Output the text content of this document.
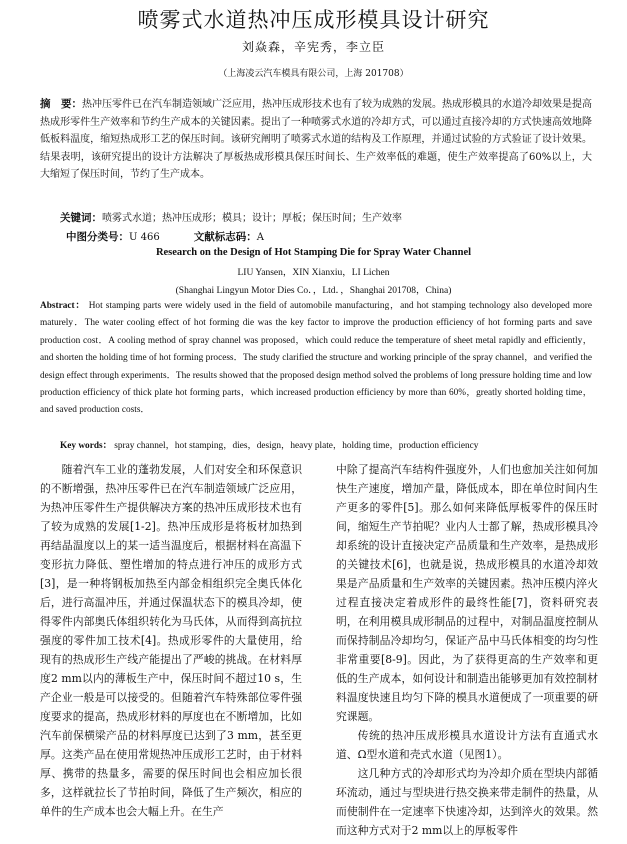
喷雾式水道热冲压成形模具设计研究
刘焱森，辛宪秀，李立臣
（上海凌云汽车模具有限公司，上海 201708）
摘　要：热冲压零件已在汽车制造领域广泛应用，热冲压成形技术也有了较为成熟的发展。热成形模具的水道冷却效果是提高热成形零件生产效率和节约生产成本的关键因素。提出了一种喷雾式水道的冷却方式，可以通过直接冷却的方式快速高效地降低板料温度，缩短热成形工艺的保压时间。该研究阐明了喷雾式水道的结构及工作原理，并通过试验的方式验证了设计效果。结果表明，该研究提出的设计方法解决了厚板热成形模具保压时间长、生产效率低的难题，使生产效率提高了60%以上，大大缩短了保压时间，节约了生产成本。
关键词：喷雾式水道；热冲压成形；模具；设计；厚板；保压时间；生产效率
中图分类号：U 466	文献标志码：A
Research on the Design of Hot Stamping Die for Spray Water Channel
LIU Yansen，XIN Xianxiu，LI Lichen
(Shanghai Lingyun Motor Dies Co．，Ltd．，Shanghai 201708，China)
Abstract： Hot stamping parts were widely used in the field of automobile manufacturing，and hot stamping technology also developed more maturely．The water cooling effect of hot forming die was the key factor to improve the production efficiency of hot forming parts and save production cost．A cooling method of spray channel was proposed，which could reduce the temperature of sheet metal rapidly and efficiently，and shorten the holding time of hot forming process．The study clarified the structure and working principle of the spray channel，and verified the design effect through experiments．The results showed that the proposed design method solved the problems of long pressure holding time and low production efficiency of thick plate hot forming parts，which increased production efficiency by more than 60%，greatly shorted holding time，and saved production costs．
Key words： spray channel，hot stamping，dies，design，heavy plate，holding time，production efficiency

随着汽车工业的蓬勃发展，人们对安全和环保意识的不断增强，热冲压零件已在汽车制造领域广泛应用，为热冲压零件生产提供解决方案的热冲压成形技术也有了较为成熟的发展[1-2]。热冲压成形是将板材加热到再结晶温度以上的某一适当温度后，根据材料在高温下变形抗力降低、塑性增加的特点进行冲压的成形方式[3]，是一种将钢板加热至内部金相组织完全奥氏体化后，进行高温冲压，并通过保温状态下的模具冷却，使得零件内部奥氏体组织转化为马氏体，从而得到高抗拉强度的零件加工技术[4]。热成形零件的大量使用，给现有的热成形生产线产能提出了严峻的挑战。在材料厚度2 mm以内的薄板生产中，保压时间不超过10 s，生产企业一般是可以接受的。但随着汽车特殊部位零件强度要求的提高，热成形材料的厚度也在不断增加，比如汽车前保横梁产品的材料厚度已达到了3 mm，甚至更厚。这类产品在使用常规热冲压成形工艺时，由于材料厚、携带的热量多，需要的保压时间也会相应加长很多，这样就拉长了节拍时间，降低了生产频次，相应的单件的生产成本也会大幅上升。在生产

中除了提高汽车结构件强度外，人们也愈加关注如何加快生产速度，增加产量，降低成本，即在单位时间内生产更多的零件[5]。那么如何来降低厚板零件的保压时间，缩短生产节拍呢？业内人士都了解，热成形模具冷却系统的设计直接决定产品质量和生产效率，是热成形的关键技术[6]，也就是说，热成形模具的水道冷却效果是产品质量和生产效率的关键因素。热冲压模内淬火过程直接决定着成形件的最终性能[7]，资料研究表明，在利用模具成形制品的过程中，对制品温度控制从而保持制品冷却均匀，保证产品中马氏体相变的均匀性非常重要[8-9]。因此，为了获得更高的生产效率和更低的生产成本，如何设计和制造出能够更加有效控制材料温度快速且均匀下降的模具水道便成了一项重要的研究课题。

传统的热冲压成形模具水道设计方法有直通式水道、Ω型水道和壳式水道（见图1）。

这几种方式的冷却形式均为冷却介质在型块内部循环流动，通过与型块进行热交换来带走制件的热量，从而使制件在一定速率下快速冷却，达到淬火的效果。然而这种方式对于2 mm以上的厚板零件
